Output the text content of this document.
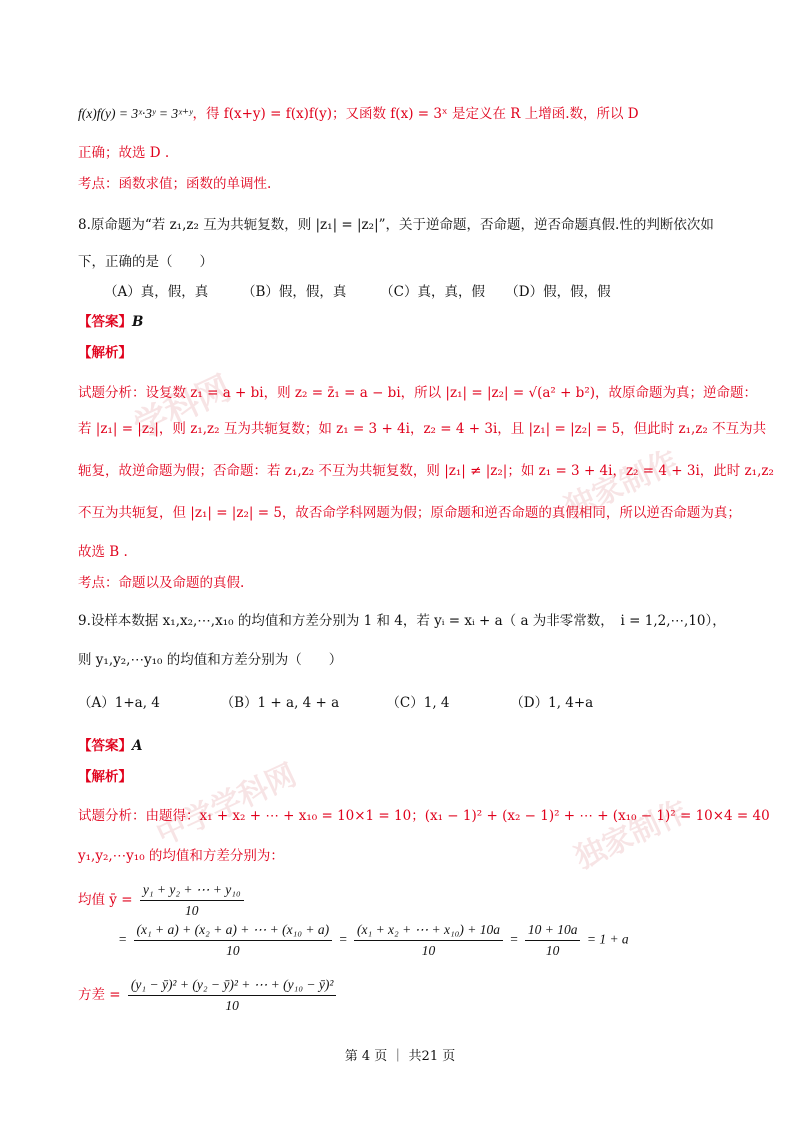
学科网
独家制作
中学学科网	独家制作
f(x)f(y) = 3ˣ·3ʸ = 3ˣ⁺ʸ，得 f(x+y) = f(x)f(y)；又函数 f(x) = 3ˣ 是定义在 R 上增函.数，所以 D
正确；故选 D .
考点：函数求值；函数的单调性.
8.原命题为“若 z₁,z₂ 互为共轭复数，则 |z₁| = |z₂|”，关于逆命题，否命题，逆否命题真假.性的判断依次如
下，正确的是（　　）
（A）真，假，真　　　（B）假，假，真　　　（C）真，真，假　　（D）假，假，假
【答案】B
【解析】
试题分析：设复数 z₁ = a + bi，则 z₂ = z̄₁ = a − bi，所以 |z₁| = |z₂| = √(a² + b²)，故原命题为真；逆命题：
若 |z₁| = |z₂|，则 z₁,z₂ 互为共轭复数；如 z₁ = 3 + 4i，z₂ = 4 + 3i，且 |z₁| = |z₂| = 5，但此时 z₁,z₂ 不互为共
轭复，故逆命题为假；否命题：若 z₁,z₂ 不互为共轭复数，则 |z₁| ≠ |z₂|；如 z₁ = 3 + 4i，z₂ = 4 + 3i，此时 z₁,z₂
不互为共轭复，但 |z₁| = |z₂| = 5，故否命学科网题为假；原命题和逆否命题的真假相同，所以逆否命题为真；
故选 B .
考点：命题以及命题的真假.
9.设样本数据 x₁,x₂,⋯,x₁₀ 的均值和方差分别为 1 和 4，若 yᵢ = xᵢ + a（ a 为非零常数，　i = 1,2,⋯,10），
则 y₁,y₂,⋯y₁₀ 的均值和方差分别为（　　）
（A）1+a, 4　　　　　（B）1 + a, 4 + a　　　　（C）1, 4　　　　　（D）1, 4+a
【答案】A
【解析】
试题分析：由题得：x₁ + x₂ + ⋯ + x₁₀ = 10×1 = 10；(x₁ − 1)² + (x₂ − 1)² + ⋯ + (x₁₀ − 1)² = 10×4 = 40
y₁,y₂,⋯y₁₀ 的均值和方差分别为：
均值 ȳ = $\frac{\text{y₁ + y₂ + ⋯ + y₁₀}}{10}$
= $\frac{\text{(x₁ + a) + (x₂ + a) + ⋯ + (x₁₀ + a)}}{10} = \frac{\text{(x₁ + x₂ + ⋯ + x₁₀) + 10a}}{10} = \frac{10 + 10a}{10} = 1 + a$
方差 = $\frac{\text{(y₁ − ȳ)² + (y₂ − ȳ)² + ⋯ + (y₁₀ − ȳ)²}}{10}$
第 4 页 ｜ 共21 页
